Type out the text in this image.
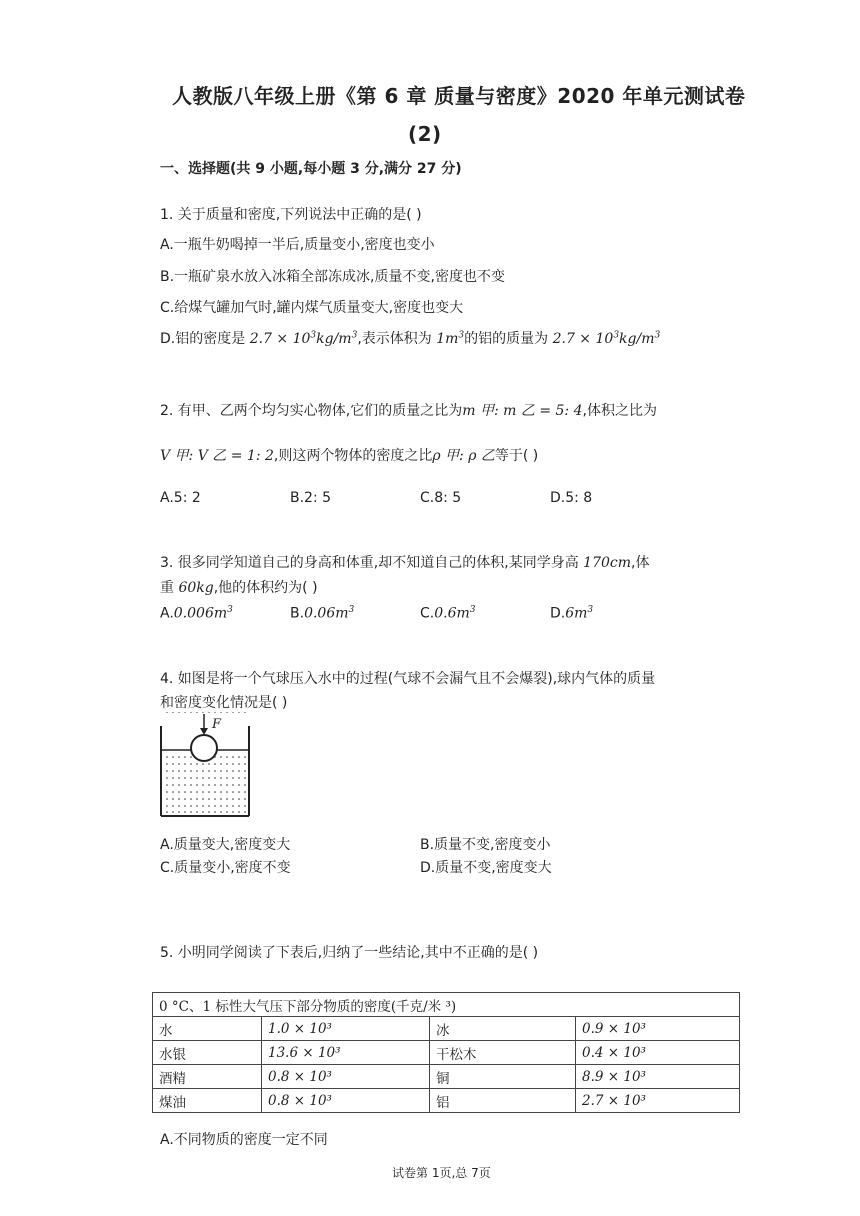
人教版八年级上册《第 6 章 质量与密度》2020 年单元测试卷
(2)
一、选择题(共 9 小题,每小题 3 分,满分 27 分)
1. 关于质量和密度,下列说法中正确的是( )
A.一瓶牛奶喝掉一半后,质量变小,密度也变小
B.一瓶矿泉水放入冰箱全部冻成冰,质量不变,密度也不变
C.给煤气罐加气时,罐内煤气质量变大,密度也变大
D.铝的密度是 $2.7 \times 10^3kg/m^3$,表示体积为 $1m^3$的铝的质量为 $2.7 \times 10^3kg/m^3$
2. 有甲、乙两个均匀实心物体,它们的质量之比为m 甲: m 乙 = 5: 4,体积之比为
V 甲: V 乙 = 1: 2,则这两个物体的密度之比ρ 甲: ρ 乙等于( )
A.5: 2	B.2: 5	C.8: 5	D.5: 8
3. 很多同学知道自己的身高和体重,却不知道自己的体积,某同学身高 170cm,体
重 60kg,他的体积约为( )
$A.0.006m^3$	$B.0.06m^3$	$C.0.6m^3$	$D.6m^3$
4. 如图是将一个气球压入水中的过程(气球不会漏气且不会爆裂),球内气体的质量
和密度变化情况是( )
F
A.质量变大,密度变大	B.质量不变,密度变小
C.质量变小,密度不变	D.质量不变,密度变大
5. 小明同学阅读了下表后,归纳了一些结论,其中不正确的是( )
0 °C、1 标性大气压下部分物质的密度(千克/米 ³)			
水	1.0 × 10³	冰	0.9 × 10³
水银	13.6 × 10³	干松木	0.4 × 10³
酒精	0.8 × 10³	铜	8.9 × 10³
煤油	0.8 × 10³	铝	2.7 × 10³
A.不同物质的密度一定不同
试卷第 1页,总 7页
